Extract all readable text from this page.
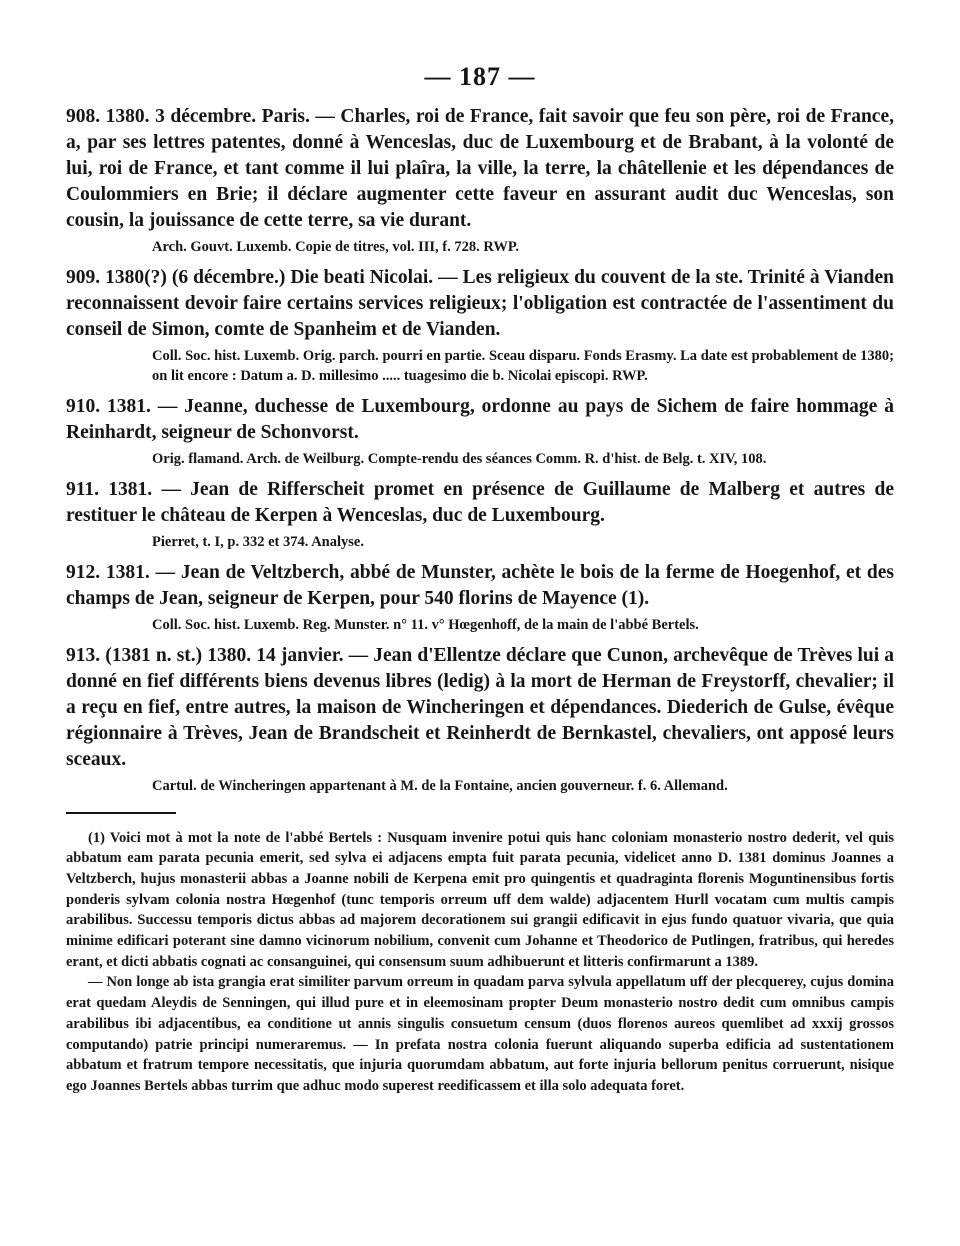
— 187 —

908. 1380. 3 décembre. Paris. — Charles, roi de France, fait savoir que feu son père, roi de France, a, par ses lettres patentes, donné à Wenceslas, duc de Luxembourg et de Brabant, à la volonté de lui, roi de France, et tant comme il lui plaîra, la ville, la terre, la châtellenie et les dépendances de Coulommiers en Brie; il déclare augmenter cette faveur en assurant audit duc Wenceslas, son cousin, la jouissance de cette terre, sa vie durant.

Arch. Gouvt. Luxemb. Copie de titres, vol. III, f. 728. RWP.

909. 1380(?) (6 décembre.) Die beati Nicolai. — Les religieux du couvent de la ste. Trinité à Vianden reconnaissent devoir faire certains services religieux; l'obligation est contractée de l'assentiment du conseil de Simon, comte de Spanheim et de Vianden.

Coll. Soc. hist. Luxemb. Orig. parch. pourri en partie. Sceau disparu. Fonds Erasmy. La date est probablement de 1380; on lit encore : Datum a. D. millesimo ..... tuagesimo die b. Nicolai episcopi. RWP.

910. 1381. — Jeanne, duchesse de Luxembourg, ordonne au pays de Sichem de faire hommage à Reinhardt, seigneur de Schonvorst.

Orig. flamand. Arch. de Weilburg. Compte-rendu des séances Comm. R. d'hist. de Belg. t. XIV, 108.

911. 1381. — Jean de Rifferscheit promet en présence de Guillaume de Malberg et autres de restituer le château de Kerpen à Wenceslas, duc de Luxembourg.

Pierret, t. I, p. 332 et 374. Analyse.

912. 1381. — Jean de Veltzberch, abbé de Munster, achète le bois de la ferme de Hoegenhof, et des champs de Jean, seigneur de Kerpen, pour 540 florins de Mayence (1).

Coll. Soc. hist. Luxemb. Reg. Munster. n° 11. v° Hœgenhoff, de la main de l'abbé Bertels.

913. (1381 n. st.) 1380. 14 janvier. — Jean d'Ellentze déclare que Cunon, archevêque de Trèves lui a donné en fief différents biens devenus libres (ledig) à la mort de Herman de Freystorff, chevalier; il a reçu en fief, entre autres, la maison de Wincheringen et dépendances. Diederich de Gulse, évêque régionnaire à Trèves, Jean de Brandscheit et Reinherdt de Bernkastel, chevaliers, ont apposé leurs sceaux.

Cartul. de Wincheringen appartenant à M. de la Fontaine, ancien gouverneur. f. 6. Allemand.

(1) Voici mot à mot la note de l'abbé Bertels : Nusquam invenire potui quis hanc coloniam monasterio nostro dederit, vel quis abbatum eam parata pecunia emerit, sed sylva ei adjacens empta fuit parata pecunia, videlicet anno D. 1381 dominus Joannes a Veltzberch, hujus monasterii abbas a Joanne nobili de Kerpena emit pro quingentis et quadraginta florenis Moguntinensibus fortis ponderis sylvam colonia nostra Hœgenhof (tunc temporis orreum uff dem walde) adjacentem Hurll vocatam cum multis campis arabilibus. Successu temporis dictus abbas ad majorem decorationem sui grangii edificavit in ejus fundo quatuor vivaria, que quia minime edificari poterant sine damno vicinorum nobilium, convenit cum Johanne et Theodorico de Putlingen, fratribus, qui heredes erant, et dicti abbatis cognati ac consanguinei, qui consensum suum adhibuerunt et litteris confirmarunt a 1389.

— Non longe ab ista grangia erat similiter parvum orreum in quadam parva sylvula appellatum uff der plecquerey, cujus domina erat quedam Aleydis de Senningen, qui illud pure et in eleemosinam propter Deum monasterio nostro dedit cum omnibus campis arabilibus ibi adjacentibus, ea conditione ut annis singulis consuetum censum (duos florenos aureos quemlibet ad xxxij grossos computando) patrie principi numeraremus. — In prefata nostra colonia fuerunt aliquando superba edificia ad sustentationem abbatum et fratrum tempore necessitatis, que injuria quorumdam abbatum, aut forte injuria bellorum penitus corruerunt, nisique ego Joannes Bertels abbas turrim que adhuc modo superest reedificassem et illa solo adequata foret.
